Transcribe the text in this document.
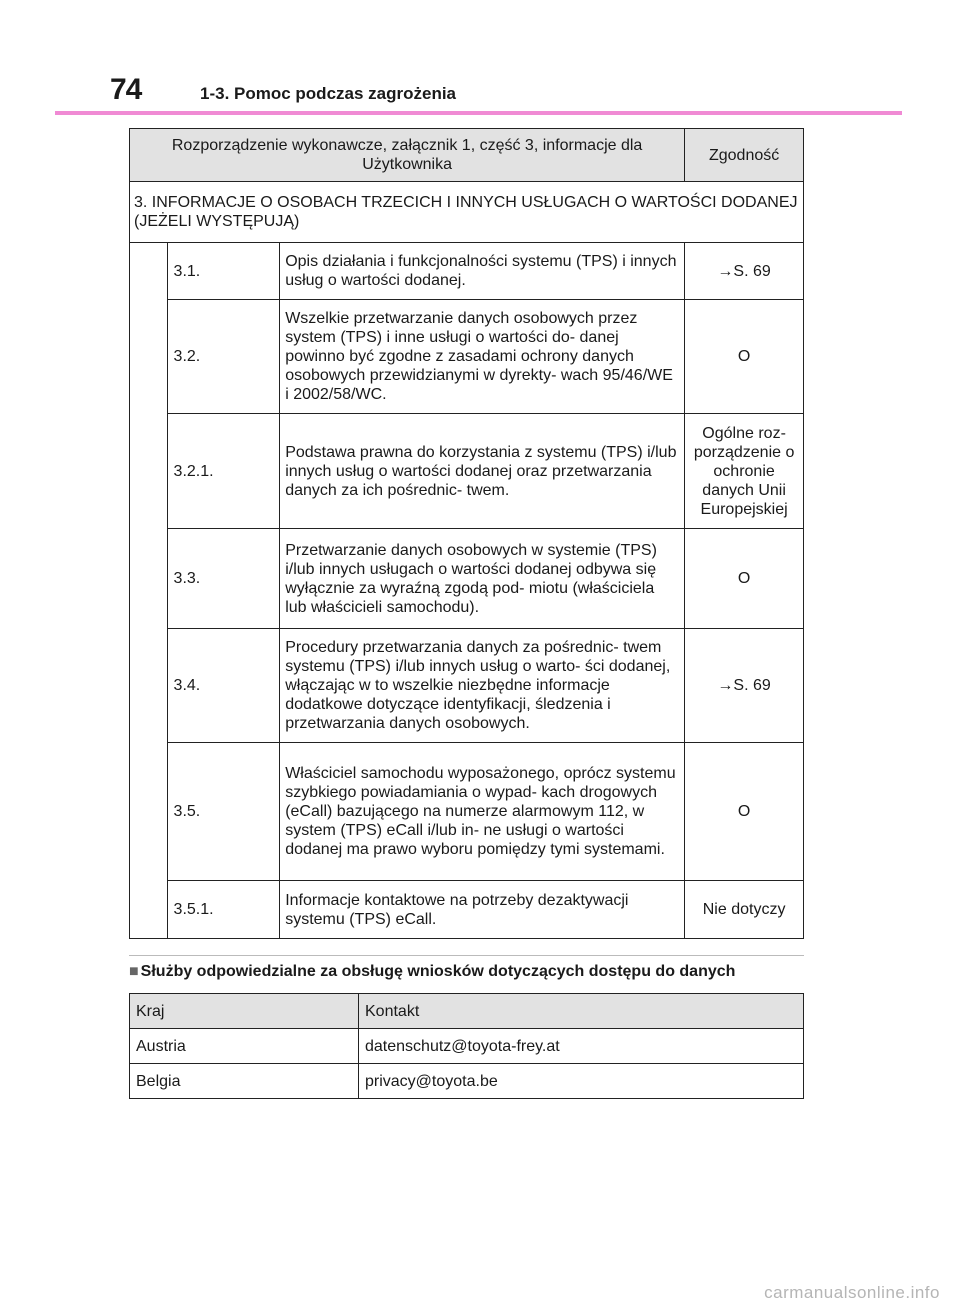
74	1-3. Pomoc podczas zagrożenia
Rozporządzenie wykonawcze, załącznik 1, część 3, informacje dla Użytkownika			Zgodność
3. INFORMACJE O OSOBACH TRZECICH I INNYCH USŁUGACH O WARTOŚCI DODANEJ (JEŻELI WYSTĘPUJĄ)			
	3.1.	Opis działania i funkcjonalności systemu (TPS) i innych usług o wartości dodanej.	→S. 69
	3.2.	Wszelkie przetwarzanie danych osobowych przez system (TPS) i inne usługi o wartości do- danej powinno być zgodne z zasadami ochrony danych osobowych przewidzianymi w dyrekty- wach 95/46/WE i 2002/58/WC.	O
	3.2.1.	Podstawa prawna do korzystania z systemu (TPS) i/lub innych usług o wartości dodanej oraz przetwarzania danych za ich pośrednic- twem.	Ogólne roz- porządzenie o ochronie danych Unii Europejskiej
	3.3.	Przetwarzanie danych osobowych w systemie (TPS) i/lub innych usługach o wartości dodanej odbywa się wyłącznie za wyraźną zgodą pod- miotu (właściciela lub właścicieli samochodu).	O
	3.4.	Procedury przetwarzania danych za pośrednic- twem systemu (TPS) i/lub innych usług o warto- ści dodanej, włączając w to wszelkie niezbędne informacje dodatkowe dotyczące identyfikacji, śledzenia i przetwarzania danych osobowych.	→S. 69
	3.5.	Właściciel samochodu wyposażonego, oprócz systemu szybkiego powiadamiania o wypad- kach drogowych (eCall) bazującego na numerze alarmowym 112, w system (TPS) eCall i/lub in- ne usługi o wartości dodanej ma prawo wyboru pomiędzy tymi systemami.	O
	3.5.1.	Informacje kontaktowe na potrzeby dezaktywacji systemu (TPS) eCall.	Nie dotyczy
■ Służby odpowiedzialne za obsługę wniosków dotyczących dostępu do danych
Kraj	Kontakt
Austria	datenschutz@toyota-frey.at
Belgia	privacy@toyota.be
carmanualsonline.info
